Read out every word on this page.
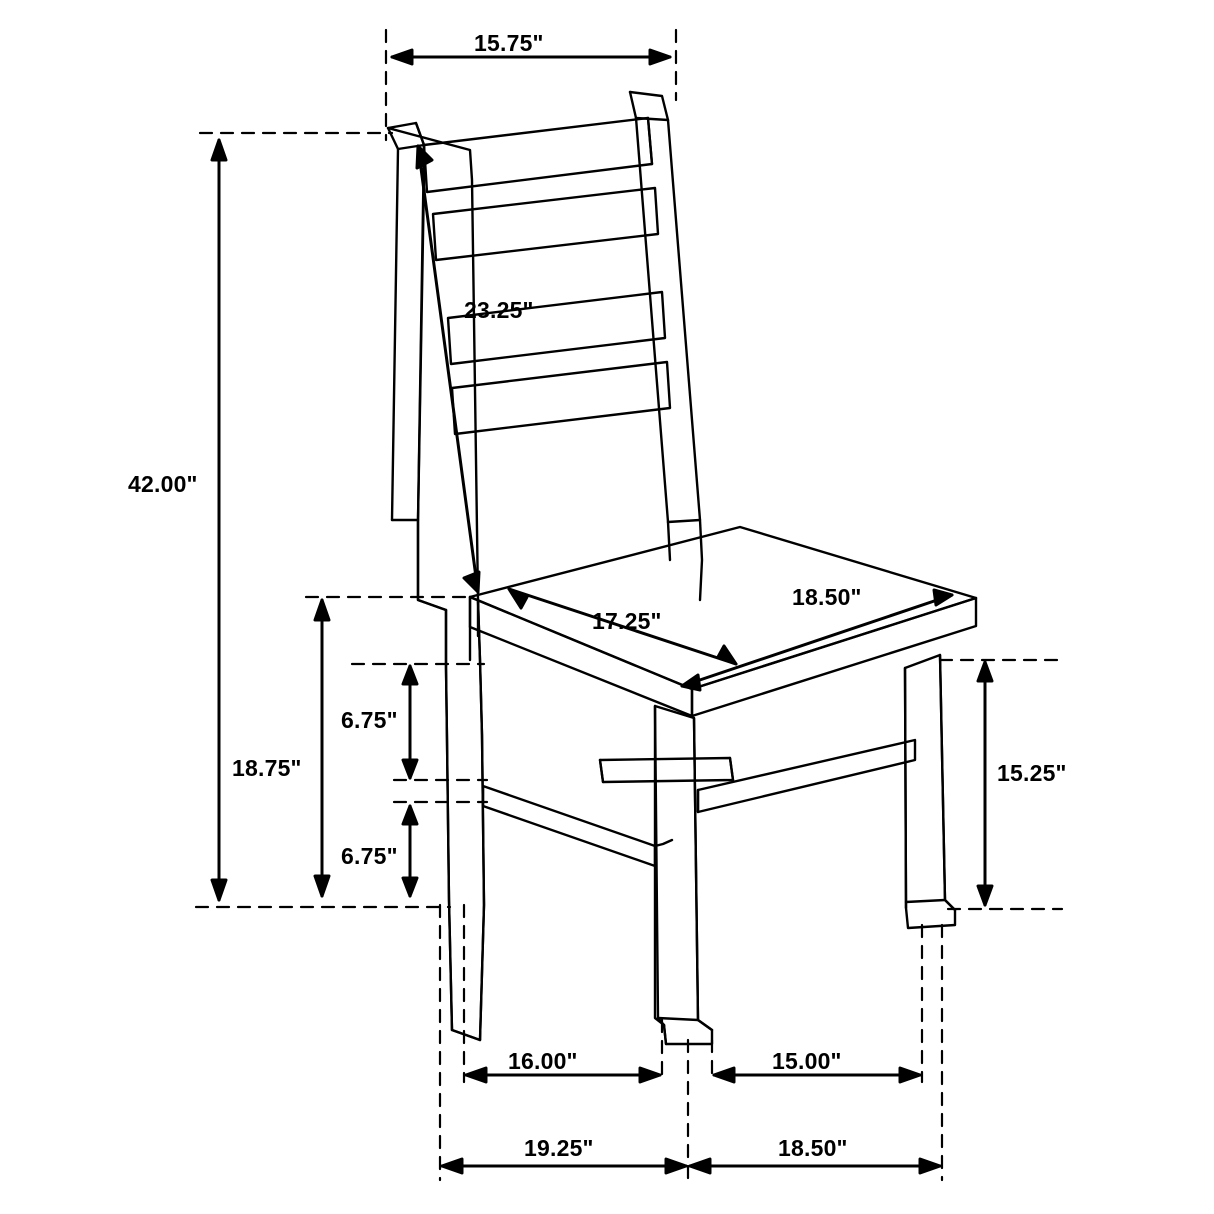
15.75"
23.25"
42.00"
17.25"
18.50"
6.75"
18.75"	15.25"
6.75"
16.00"	15.00"
19.25"	18.50"
